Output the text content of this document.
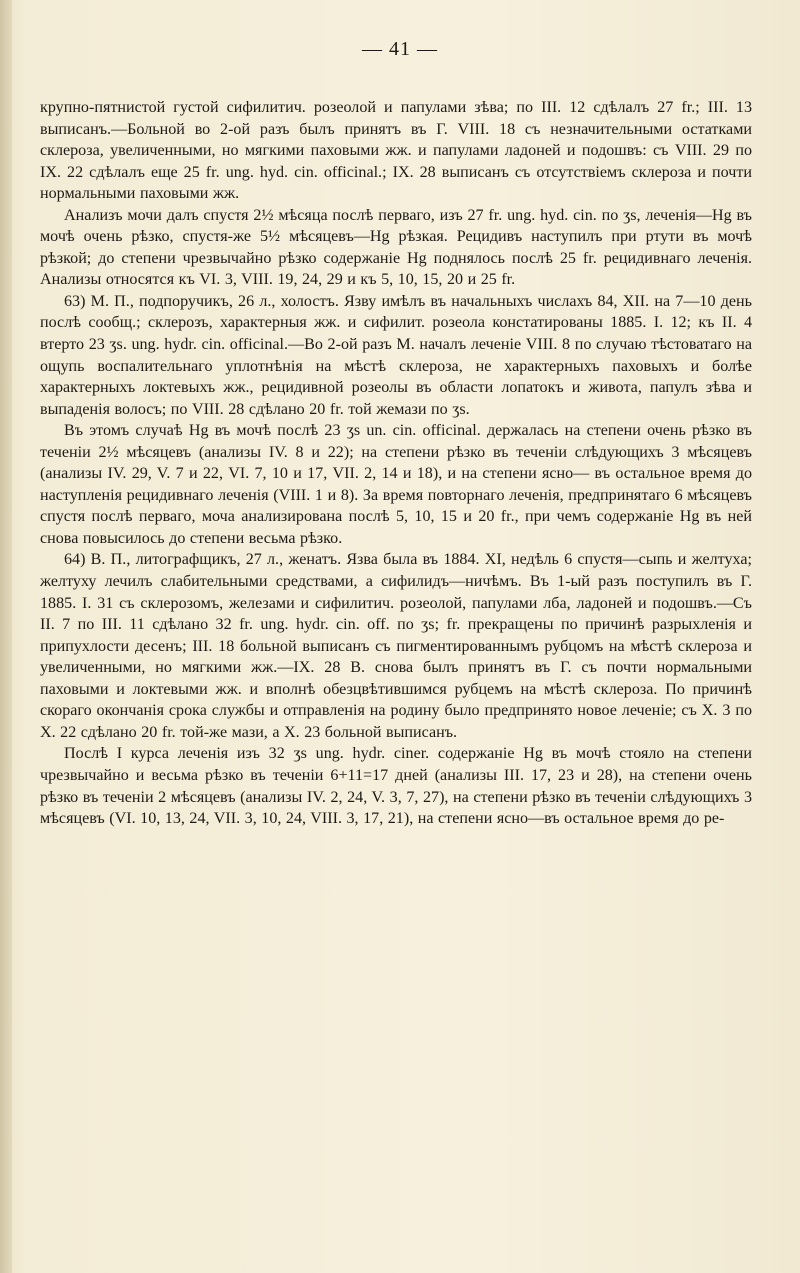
— 41 —

крупно-пятнистой густой сифилитич. розеолой и папулами зѣва; по III. 12 сдѣлалъ 27 fr.; III. 13 выписанъ.—Больной во 2-ой разъ былъ принятъ въ Г. VIII. 18 съ незначительными остатками склероза, увеличенными, но мягкими паховыми жж. и папулами ладоней и подошвъ: съ VIII. 29 по IX. 22 сдѣлалъ еще 25 fr. ung. hyd. cin. officinal.; IX. 28 выписанъ съ отсутствіемъ склероза и почти нормальными паховыми жж.

Анализъ мочи далъ спустя 2½ мѣсяца послѣ перваго, изъ 27 fr. ung. hyd. cin. по ʒs, леченія—Hg въ мочѣ очень рѣзко, спустя-же 5½ мѣсяцевъ—Hg рѣзкая. Рецидивъ наступилъ при ртути въ мочѣ рѣзкой; до степени чрезвычайно рѣзко содержаніе Hg поднялось послѣ 25 fr. рецидивнаго леченія. Анализы относятся къ VI. 3, VIII. 19, 24, 29 и къ 5, 10, 15, 20 и 25 fr.

63) М. П., подпоручикъ, 26 л., холостъ. Язву имѣлъ въ начальныхъ числахъ 84, XII. на 7—10 день послѣ сообщ.; склерозъ, характерныя жж. и сифилит. розеола констатированы 1885. I. 12; къ II. 4 втерто 23 ʒs. ung. hydr. cin. officinal.—Во 2-ой разъ М. началъ леченіе VIII. 8 по случаю тѣстоватаго на ощупь воспалительнаго уплотнѣнія на мѣстѣ склероза, не характерныхъ паховыхъ и болѣе характерныхъ локтевыхъ жж., рецидивной розеолы въ области лопатокъ и живота, папулъ зѣва и выпаденія волосъ; по VIII. 28 сдѣлано 20 fr. той жемази по ʒs.

Въ этомъ случаѣ Hg въ мочѣ послѣ 23 ʒs un. cin. officinal. держалась на степени очень рѣзко въ теченіи 2½ мѣсяцевъ (анализы IV. 8 и 22); на степени рѣзко въ теченіи слѣдующихъ 3 мѣсяцевъ (анализы IV. 29, V. 7 и 22, VI. 7, 10 и 17, VII. 2, 14 и 18), и на степени ясно— въ остальное время до наступленія рецидивнаго леченія (VIII. 1 и 8). За время повторнаго леченія, предпринятаго 6 мѣсяцевъ спустя послѣ перваго, моча анализирована послѣ 5, 10, 15 и 20 fr., при чемъ содержаніе Hg въ ней снова повысилось до степени весьма рѣзко.

64) В. П., литографщикъ, 27 л., женатъ. Язва была въ 1884. XI, недѣль 6 спустя—сыпь и желтуха; желтуху лечилъ слабительными средствами, а сифилидъ—ничѣмъ. Въ 1-ый разъ поступилъ въ Г. 1885. I. 31 съ склерозомъ, железами и сифилитич. розеолой, папулами лба, ладоней и подошвъ.—Съ II. 7 по III. 11 сдѣлано 32 fr. ung. hydr. cin. off. по ʒs; fr. прекращены по причинѣ разрыхленія и припухлости десенъ; III. 18 больной выписанъ съ пигментированнымъ рубцомъ на мѣстѣ склероза и увеличенными, но мягкими жж.—IX. 28 В. снова былъ принятъ въ Г. съ почти нормальными паховыми и локтевыми жж. и вполнѣ обезцвѣтившимся рубцемъ на мѣстѣ склероза. По причинѣ скораго окончанія срока службы и отправленія на родину было предпринято новое леченіе; съ X. 3 по X. 22 сдѣлано 20 fr. той-же мази, а X. 23 больной выписанъ.

Послѣ I курса леченія изъ 32 ʒs ung. hydr. ciner. содержаніе Hg въ мочѣ стояло на степени чрезвычайно и весьма рѣзко въ теченіи 6+11=17 дней (анализы III. 17, 23 и 28), на степени очень рѣзко въ теченіи 2 мѣсяцевъ (анализы IV. 2, 24, V. 3, 7, 27), на степени рѣзко въ теченіи слѣдующихъ 3 мѣсяцевъ (VI. 10, 13, 24, VII. 3, 10, 24, VIII. 3, 17, 21), на степени ясно—въ остальное время до ре-
